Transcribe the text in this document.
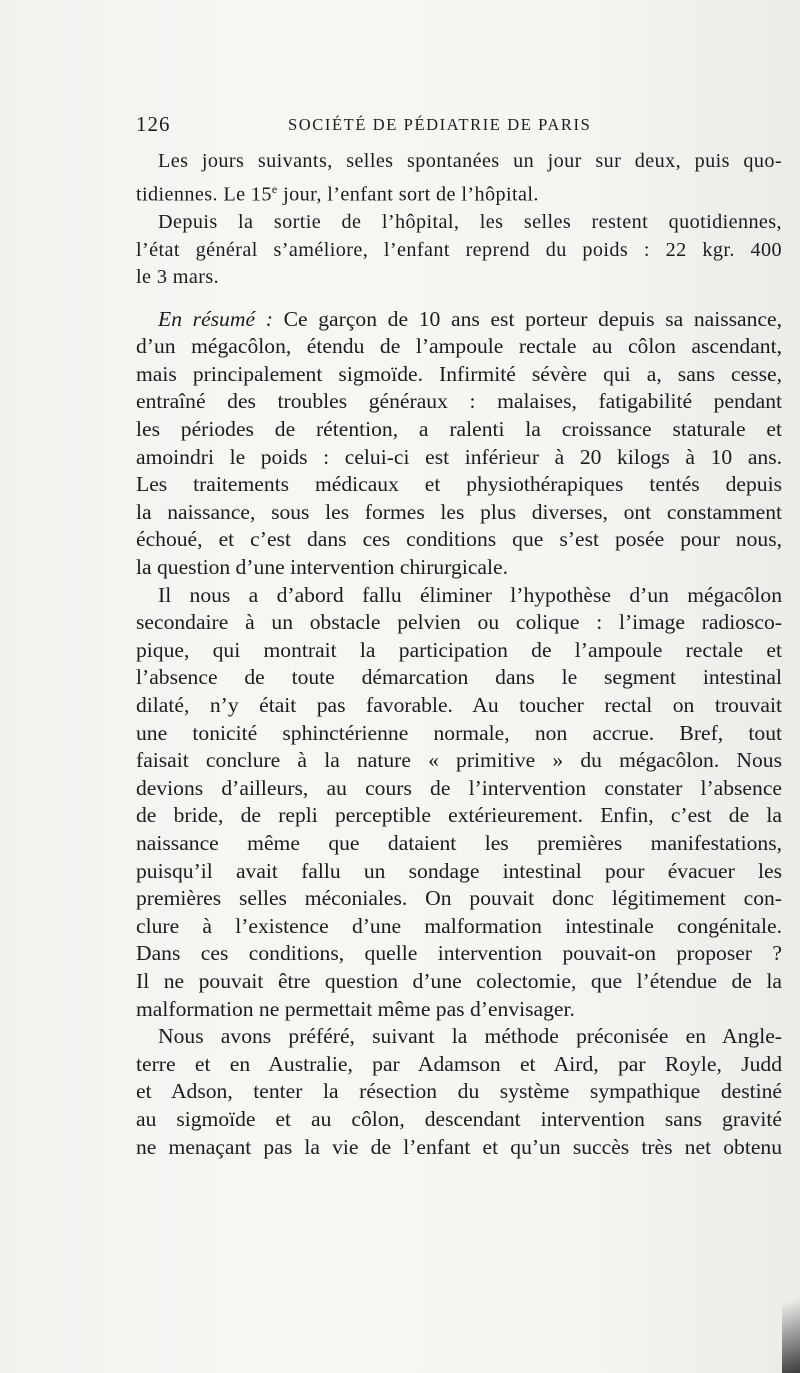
126	SOCIÉTÉ DE PÉDIATRIE DE PARIS

Les jours suivants, selles spontanées un jour sur deux, puis quo-
tidiennes. Le 15e jour, l’enfant sort de l’hôpital.

Depuis la sortie de l’hôpital, les selles restent quotidiennes,
l’état général s’améliore, l’enfant reprend du poids : 22 kgr. 400
le 3 mars.

En résumé : Ce garçon de 10 ans est porteur depuis sa naissance,
d’un mégacôlon, étendu de l’ampoule rectale au côlon ascendant,
mais principalement sigmoïde. Infirmité sévère qui a, sans cesse,
entraîné des troubles généraux : malaises, fatigabilité pendant
les périodes de rétention, a ralenti la croissance staturale et
amoindri le poids : celui-ci est inférieur à 20 kilogs à 10 ans.
Les traitements médicaux et physiothérapiques tentés depuis
la naissance, sous les formes les plus diverses, ont constamment
échoué, et c’est dans ces conditions que s’est posée pour nous,
la question d’une intervention chirurgicale.

Il nous a d’abord fallu éliminer l’hypothèse d’un mégacôlon
secondaire à un obstacle pelvien ou colique : l’image radiosco-
pique, qui montrait la participation de l’ampoule rectale et
l’absence de toute démarcation dans le segment intestinal
dilaté, n’y était pas favorable. Au toucher rectal on trouvait
une tonicité sphinctérienne normale, non accrue. Bref, tout
faisait conclure à la nature « primitive » du mégacôlon. Nous
devions d’ailleurs, au cours de l’intervention constater l’absence
de bride, de repli perceptible extérieurement. Enfin, c’est de la
naissance même que dataient les premières manifestations,
puisqu’il avait fallu un sondage intestinal pour évacuer les
premières selles méconiales. On pouvait donc légitimement con-
clure à l’existence d’une malformation intestinale congénitale.
Dans ces conditions, quelle intervention pouvait-on proposer ?
Il ne pouvait être question d’une colectomie, que l’étendue de la
malformation ne permettait même pas d’envisager.

Nous avons préféré, suivant la méthode préconisée en Angle-
terre et en Australie, par Adamson et Aird, par Royle, Judd
et Adson, tenter la résection du système sympathique destiné
au sigmoïde et au côlon, descendant intervention sans gravité
ne menaçant pas la vie de l’enfant et qu’un succès très net obtenu
